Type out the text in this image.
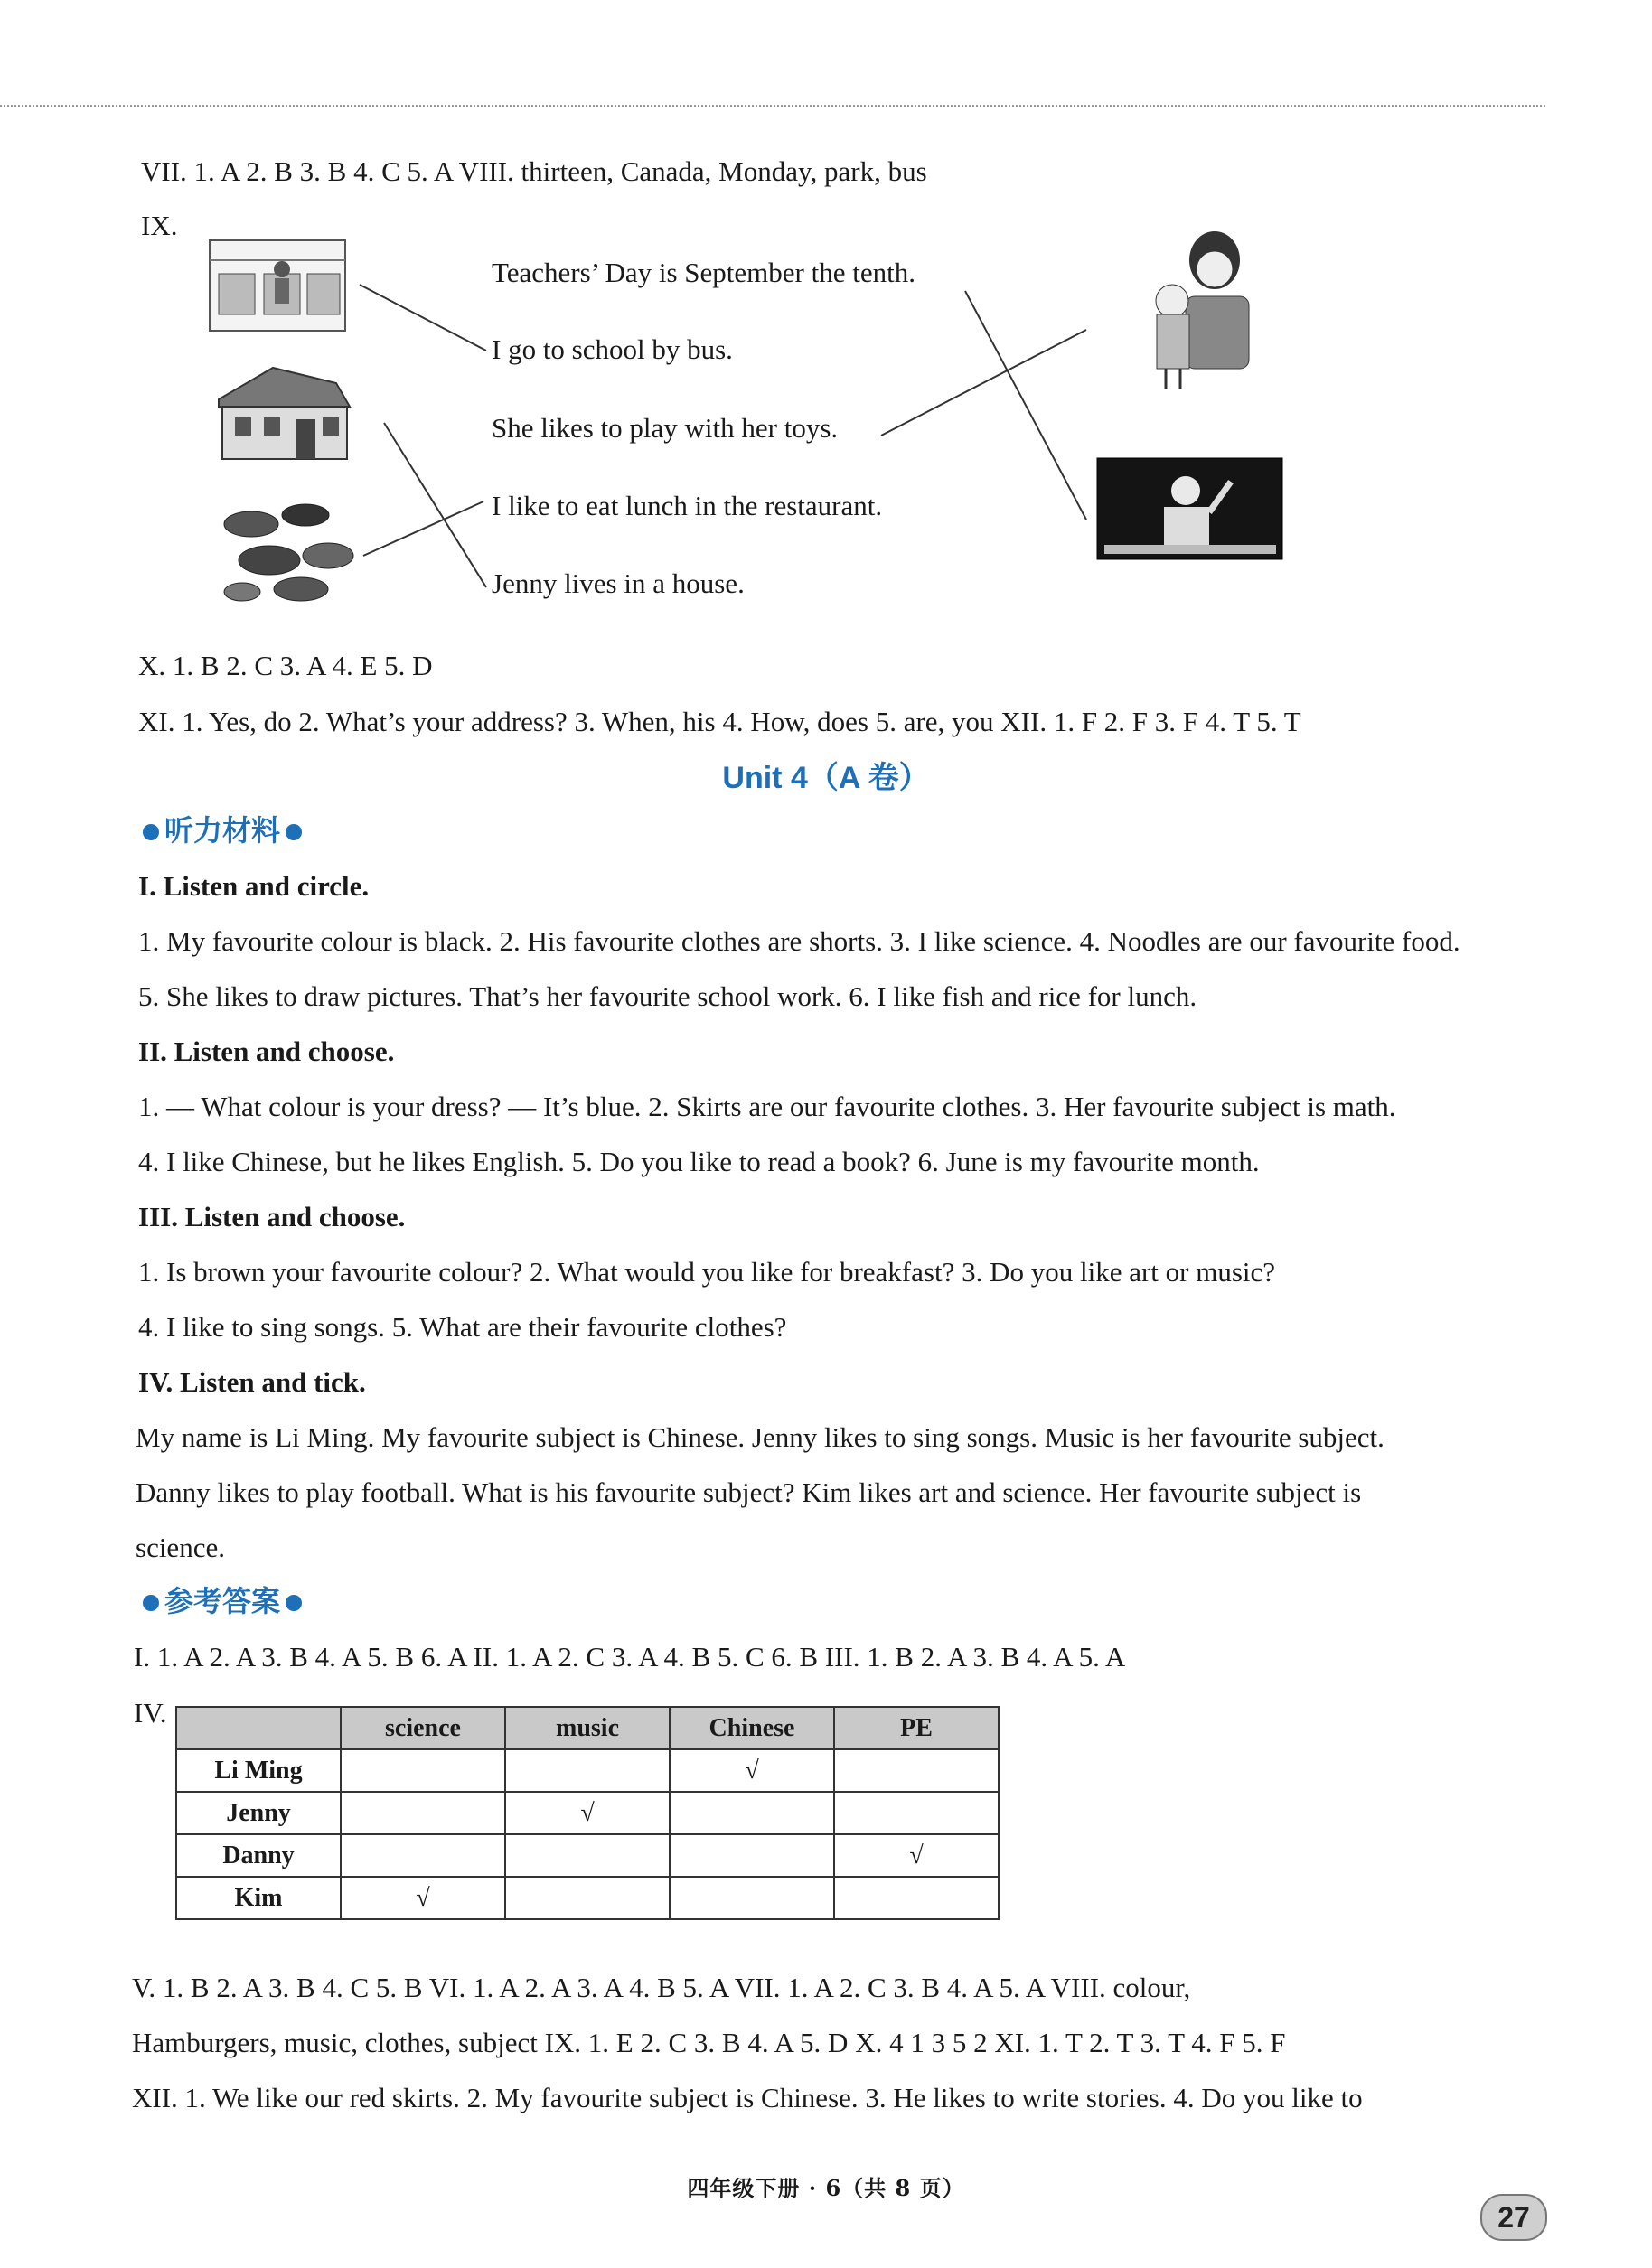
VII. 1. A 2. B 3. B 4. C 5. A VIII. thirteen, Canada, Monday, park, bus
IX.
Teachers’ Day is September the tenth.
I go to school by bus.
She likes to play with her toys.
I like to eat lunch in the restaurant.
Jenny lives in a house.
X. 1. B 2. C 3. A 4. E 5. D
XI. 1. Yes, do 2. What’s your address? 3. When, his 4. How, does 5. are, you XII. 1. F 2. F 3. F 4. T 5. T
Unit 4（A 卷）
听力材料
I. Listen and circle.
1. My favourite colour is black. 2. His favourite clothes are shorts. 3. I like science. 4. Noodles are our favourite food.
5. She likes to draw pictures. That’s her favourite school work. 6. I like fish and rice for lunch.
II. Listen and choose.
1. — What colour is your dress? — It’s blue. 2. Skirts are our favourite clothes. 3. Her favourite subject is math.
4. I like Chinese, but he likes English. 5. Do you like to read a book? 6. June is my favourite month.
III. Listen and choose.
1. Is brown your favourite colour? 2. What would you like for breakfast? 3. Do you like art or music?
4. I like to sing songs. 5. What are their favourite clothes?
IV. Listen and tick.
My name is Li Ming. My favourite subject is Chinese. Jenny likes to sing songs. Music is her favourite subject.
Danny likes to play football. What is his favourite subject? Kim likes art and science. Her favourite subject is
science.
参考答案
I. 1. A 2. A 3. B 4. A 5. B 6. A II. 1. A 2. C 3. A 4. B 5. C 6. B III. 1. B 2. A 3. B 4. A 5. A
IV.
		science	music	Chinese	PE
Li Ming			√	
Jenny		√		
Danny				√
Kim	√			
V. 1. B 2. A 3. B 4. C 5. B VI. 1. A 2. A 3. A 4. B 5. A VII. 1. A 2. C 3. B 4. A 5. A VIII. colour,
Hamburgers, music, clothes, subject IX. 1. E 2. C 3. B 4. A 5. D X. 4 1 3 5 2 XI. 1. T 2. T 3. T 4. F 5. F
XII. 1. We like our red skirts. 2. My favourite subject is Chinese. 3. He likes to write stories. 4. Do you like to
四年级下册 · 6（共 8 页）
27
